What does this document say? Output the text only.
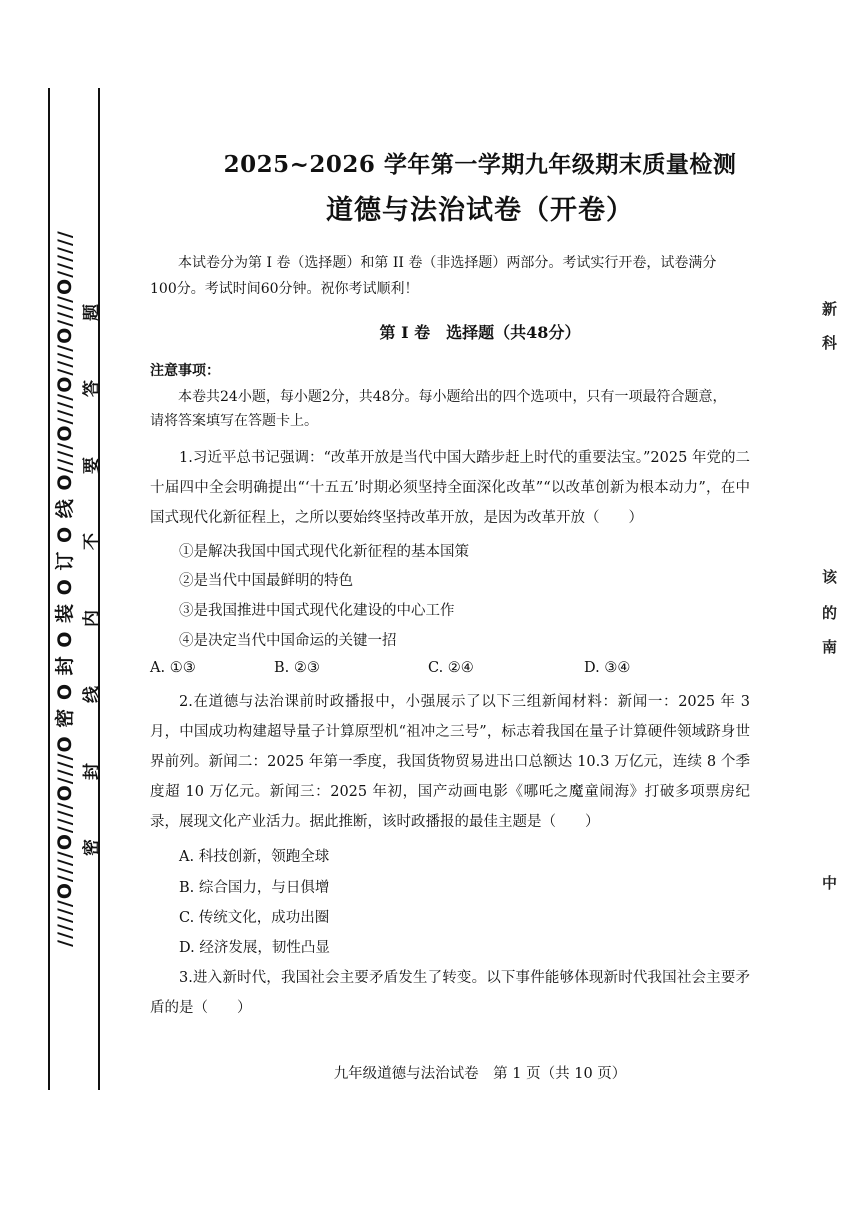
//////O////O////O////O 密 O 封 O 装 O 订 O 线 O////O////O////O////O////// 题
答
要
不
内
线
封
密
新
科
该
的
南
中
2025~2026 学年第一学期九年级期末质量检测
道德与法治试卷（开卷）
本试卷分为第 I 卷（选择题）和第 II 卷（非选择题）两部分。考试实行开卷，试卷满分
100分。考试时间60分钟。祝你考试顺利！
第 I 卷　选择题（共48分）
注意事项：
本卷共24小题，每小题2分，共48分。每小题给出的四个选项中，只有一项最符合题意，
请将答案填写在答题卡上。
1.习近平总书记强调：“改革开放是当代中国大踏步赶上时代的重要法宝。”2025 年党的二十届四中全会明确提出“‘十五五’时期必须坚持全面深化改革”“以改革创新为根本动力”，在中国式现代化新征程上，之所以要始终坚持改革开放，是因为改革开放（　　）
①是解决我国中国式现代化新征程的基本国策
②是当代中国最鲜明的特色
③是我国推进中国式现代化建设的中心工作
④是决定当代中国命运的关键一招
A. ①③	B. ②③	C. ②④	D. ③④
2.在道德与法治课前时政播报中，小强展示了以下三组新闻材料：新闻一：2025 年 3 月，中国成功构建超导量子计算原型机“祖冲之三号”，标志着我国在量子计算硬件领域跻身世界前列。新闻二：2025 年第一季度，我国货物贸易进出口总额达 10.3 万亿元，连续 8 个季度超 10 万亿元。新闻三：2025 年初，国产动画电影《哪吒之魔童闹海》打破多项票房纪录，展现文化产业活力。据此推断，该时政播报的最佳主题是（　　）
A. 科技创新，领跑全球
B. 综合国力，与日俱增
C. 传统文化，成功出圈
D. 经济发展，韧性凸显
3.进入新时代，我国社会主要矛盾发生了转变。以下事件能够体现新时代我国社会主要矛盾的是（　　）
九年级道德与法治试卷　第 1 页（共 10 页）
